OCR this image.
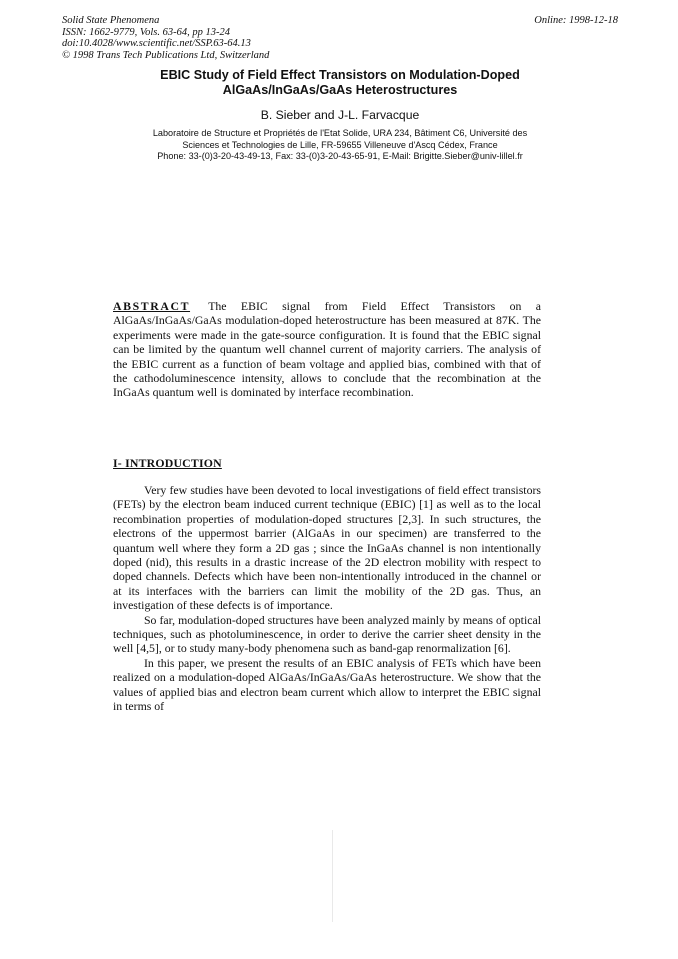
Solid State Phenomena
ISSN: 1662-9779, Vols. 63-64, pp 13-24
doi:10.4028/www.scientific.net/SSP.63-64.13
© 1998 Trans Tech Publications Ltd, Switzerland
Online: 1998-12-18
EBIC Study of Field Effect Transistors on Modulation-Doped
AlGaAs/InGaAs/GaAs Heterostructures
B. Sieber and J-L. Farvacque
Laboratoire de Structure et Propriétés de l'Etat Solide, URA 234, Bâtiment C6, Université des
Sciences et Technologies de Lille, FR-59655 Villeneuve d'Ascq Cédex, France
Phone: 33-(0)3-20-43-49-13, Fax: 33-(0)3-20-43-65-91, E-Mail: Brigitte.Sieber@univ-lillel.fr
ABSTRACT The EBIC signal from Field Effect Transistors on a AlGaAs/InGaAs/GaAs modulation-doped heterostructure has been measured at 87K. The experiments were made in the gate-source configuration. It is found that the EBIC signal can be limited by the quantum well channel current of majority carriers. The analysis of the EBIC current as a function of beam voltage and applied bias, combined with that of the cathodoluminescence intensity, allows to conclude that the recombination at the InGaAs quantum well is dominated by interface recombination.
I- INTRODUCTION

Very few studies have been devoted to local investigations of field effect transistors (FETs) by the electron beam induced current technique (EBIC) [1] as well as to the local recombination properties of modulation-doped structures [2,3]. In such structures, the electrons of the uppermost barrier (AlGaAs in our specimen) are transferred to the quantum well where they form a 2D gas ; since the InGaAs channel is non intentionally doped (nid), this results in a drastic increase of the 2D electron mobility with respect to doped channels. Defects which have been non-intentionally introduced in the channel or at its interfaces with the barriers can limit the mobility of the 2D gas. Thus, an investigation of these defects is of importance.

So far, modulation-doped structures have been analyzed mainly by means of optical techniques, such as photoluminescence, in order to derive the carrier sheet density in the well [4,5], or to study many-body phenomena such as band-gap renormalization [6].

In this paper, we present the results of an EBIC analysis of FETs which have been realized on a modulation-doped AlGaAs/InGaAs/GaAs heterostructure. We show that the values of applied bias and electron beam current which allow to interpret the EBIC signal in terms of
